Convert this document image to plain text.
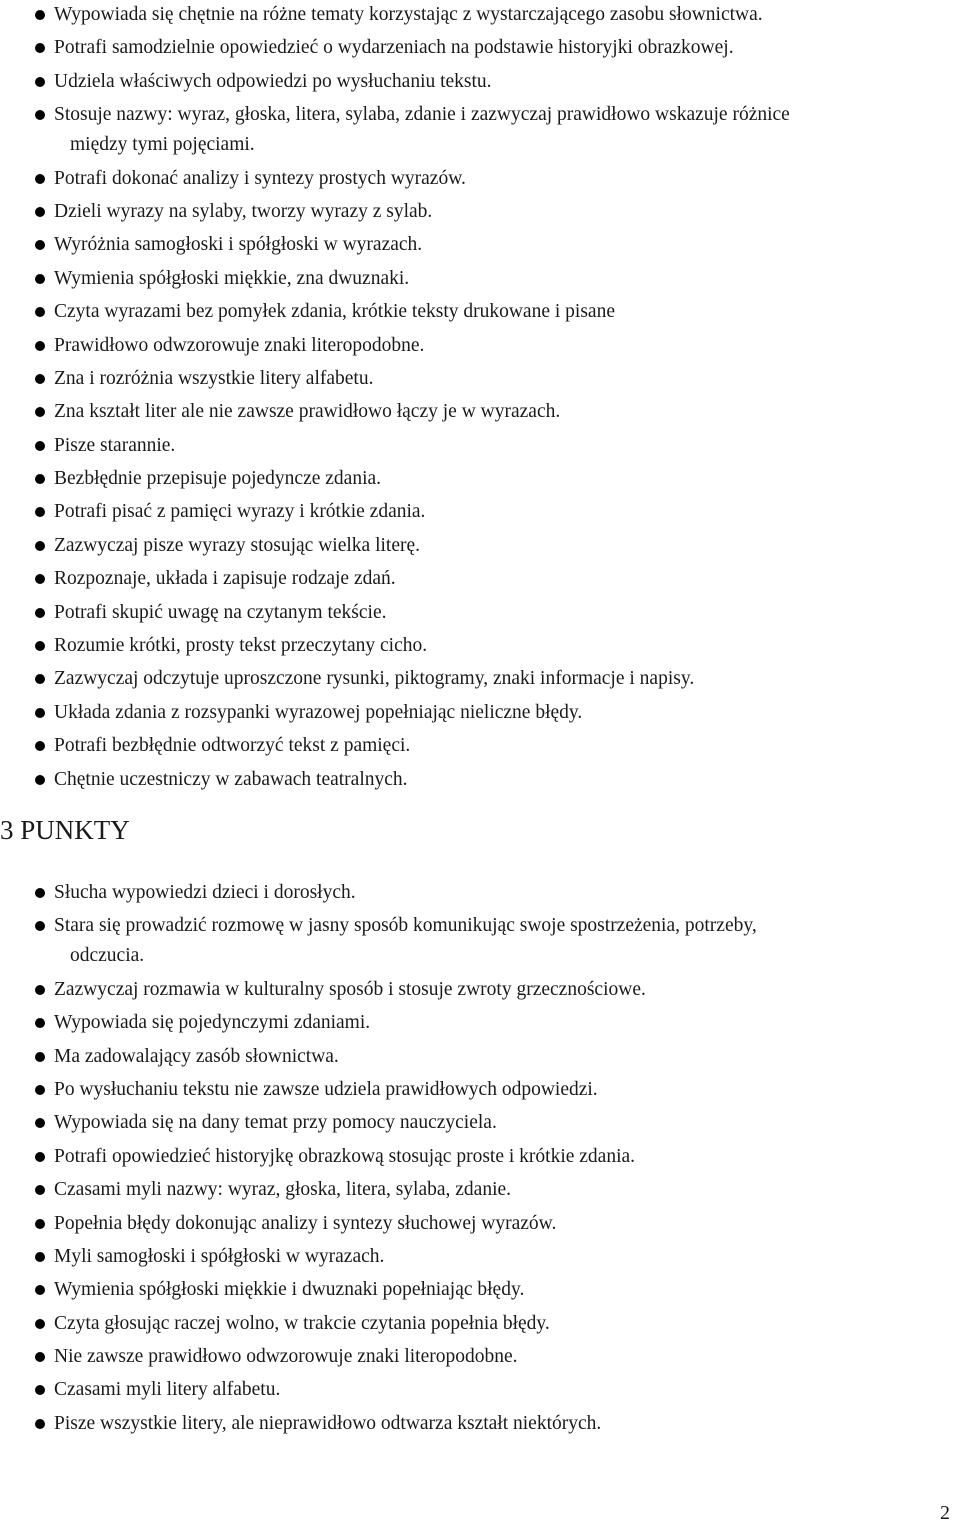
Wypowiada się chętnie na różne tematy korzystając z wystarczającego zasobu słownictwa.
Potrafi samodzielnie opowiedzieć o wydarzeniach na podstawie historyjki obrazkowej.
Udziela właściwych odpowiedzi po wysłuchaniu tekstu.
Stosuje nazwy: wyraz, głoska, litera, sylaba, zdanie i zazwyczaj prawidłowo wskazuje różnice
między tymi pojęciami.
Potrafi dokonać analizy i syntezy prostych wyrazów.
Dzieli wyrazy na sylaby, tworzy wyrazy z sylab.
Wyróżnia samogłoski i spółgłoski w wyrazach.
Wymienia spółgłoski miękkie, zna dwuznaki.
Czyta wyrazami bez pomyłek zdania, krótkie teksty drukowane i pisane
Prawidłowo odwzorowuje znaki literopodobne.
Zna i rozróżnia wszystkie litery alfabetu.
Zna kształt liter ale nie zawsze prawidłowo łączy je w wyrazach.
Pisze starannie.
Bezbłędnie przepisuje pojedyncze zdania.
Potrafi pisać z pamięci wyrazy i krótkie zdania.
Zazwyczaj pisze wyrazy stosując wielka literę.
Rozpoznaje, układa i zapisuje rodzaje zdań.
Potrafi skupić uwagę na czytanym tekście.
Rozumie krótki, prosty tekst przeczytany cicho.
Zazwyczaj odczytuje uproszczone rysunki, piktogramy, znaki informacje i napisy.
Układa zdania z rozsypanki wyrazowej popełniając nieliczne błędy.
Potrafi bezbłędnie odtworzyć tekst z pamięci.
Chętnie uczestniczy w zabawach teatralnych.
3 PUNKTY
Słucha wypowiedzi dzieci i dorosłych.
Stara się prowadzić rozmowę w jasny sposób komunikując swoje spostrzeżenia, potrzeby,
odczucia.
Zazwyczaj rozmawia w kulturalny sposób i stosuje zwroty grzecznościowe.
Wypowiada się pojedynczymi zdaniami.
Ma zadowalający zasób słownictwa.
Po wysłuchaniu tekstu nie zawsze udziela prawidłowych odpowiedzi.
Wypowiada się na dany temat przy pomocy nauczyciela.
Potrafi opowiedzieć historyjkę obrazkową stosując proste i krótkie zdania.
Czasami myli nazwy: wyraz, głoska, litera, sylaba, zdanie.
Popełnia błędy dokonując analizy i syntezy słuchowej wyrazów.
Myli samogłoski i spółgłoski w wyrazach.
Wymienia spółgłoski miękkie i dwuznaki popełniając błędy.
Czyta głosując raczej wolno, w trakcie czytania popełnia błędy.
Nie zawsze prawidłowo odwzorowuje znaki literopodobne.
Czasami myli litery alfabetu.
Pisze wszystkie litery, ale nieprawidłowo odtwarza kształt niektórych.
2
